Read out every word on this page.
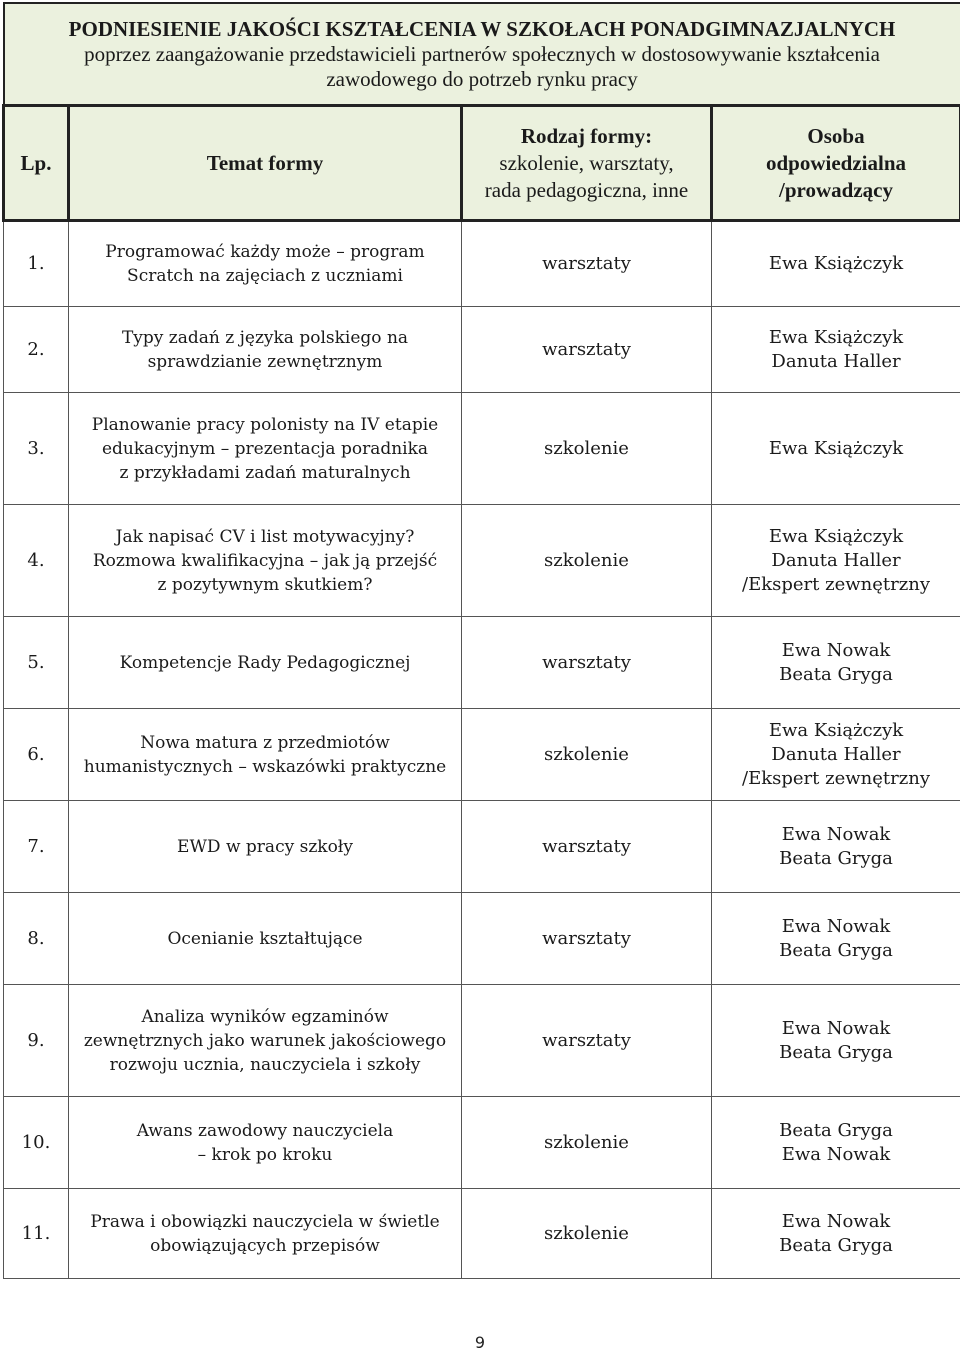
PODNIESIENIE JAKOŚCI KSZTAŁCENIA W SZKOŁACH PONADGIMNAZJALNYCH
poprzez zaangażowanie przedstawicieli partnerów społecznych w dostosowywanie kształcenia
zawodowego do potrzeb rynku pracy			

Lp.	Temat formy	Rodzaj formy:
szkolenie, warsztaty,
rada pedagogiczna, inne	Osoba
odpowiedzialna
/prowadzący

1.	Programować każdy może – program
Scratch na zajęciach z uczniami	warsztaty	Ewa Książczyk

2.	Typy zadań z języka polskiego na
sprawdzianie zewnętrznym	warsztaty	Ewa Książczyk
Danuta Haller

3.	Planowanie pracy polonisty na IV etapie
edukacyjnym – prezentacja poradnika
z przykładami zadań maturalnych	szkolenie	Ewa Książczyk

4.	Jak napisać CV i list motywacyjny?
Rozmowa kwalifikacyjna – jak ją przejść
z pozytywnym skutkiem?	szkolenie	Ewa Książczyk
Danuta Haller
/Ekspert zewnętrzny

5.	Kompetencje Rady Pedagogicznej	warsztaty	Ewa Nowak
Beata Gryga

6.	Nowa matura z przedmiotów
humanistycznych – wskazówki praktyczne	szkolenie	Ewa Książczyk
Danuta Haller
/Ekspert zewnętrzny

7.	EWD w pracy szkoły	warsztaty	Ewa Nowak
Beata Gryga

8.	Ocenianie kształtujące	warsztaty	Ewa Nowak
Beata Gryga

9.	Analiza wyników egzaminów
zewnętrznych jako warunek jakościowego
rozwoju ucznia, nauczyciela i szkoły	warsztaty	Ewa Nowak
Beata Gryga

10.	Awans zawodowy nauczyciela
– krok po kroku	szkolenie	Beata Gryga
Ewa Nowak

11.	Prawa i obowiązki nauczyciela w świetle
obowiązujących przepisów	szkolenie	Ewa Nowak
Beata Gryga
9
